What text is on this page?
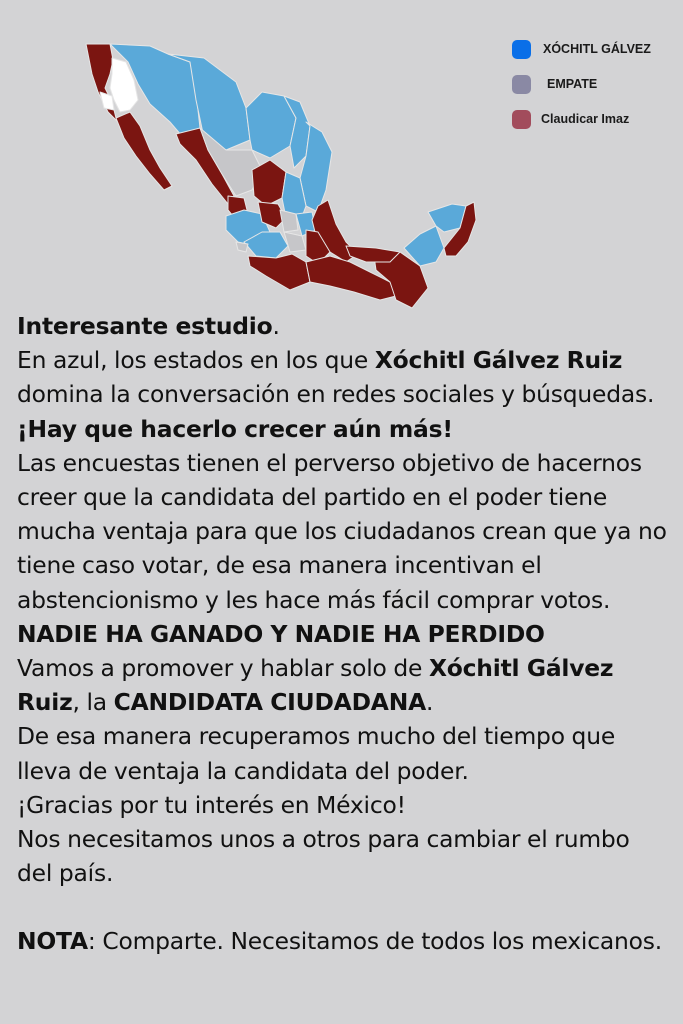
XÓCHITL GÁLVEZ
EMPATE
Claudicar Imaz

Interesante estudio.

En azul, los estados en los que Xóchitl Gálvez Ruiz domina la conversación en redes sociales y búsquedas. ¡Hay que hacerlo crecer aún más!

Las encuestas tienen el perverso objetivo de hacernos creer que la candidata del partido en el poder tiene mucha ventaja para que los ciudadanos crean que ya no tiene caso votar, de esa manera incentivan el abstencionismo y les hace más fácil comprar votos.   NADIE HA GANADO Y NADIE HA PERDIDO

Vamos a promover y hablar solo de Xóchitl Gálvez Ruiz, la CANDIDATA CIUDADANA.

De esa manera recuperamos mucho del tiempo que lleva de ventaja la candidata del poder.

¡Gracias por tu interés en México!

Nos necesitamos unos a otros para cambiar el rumbo del país.

NOTA: Comparte. Necesitamos de todos los mexicanos.
